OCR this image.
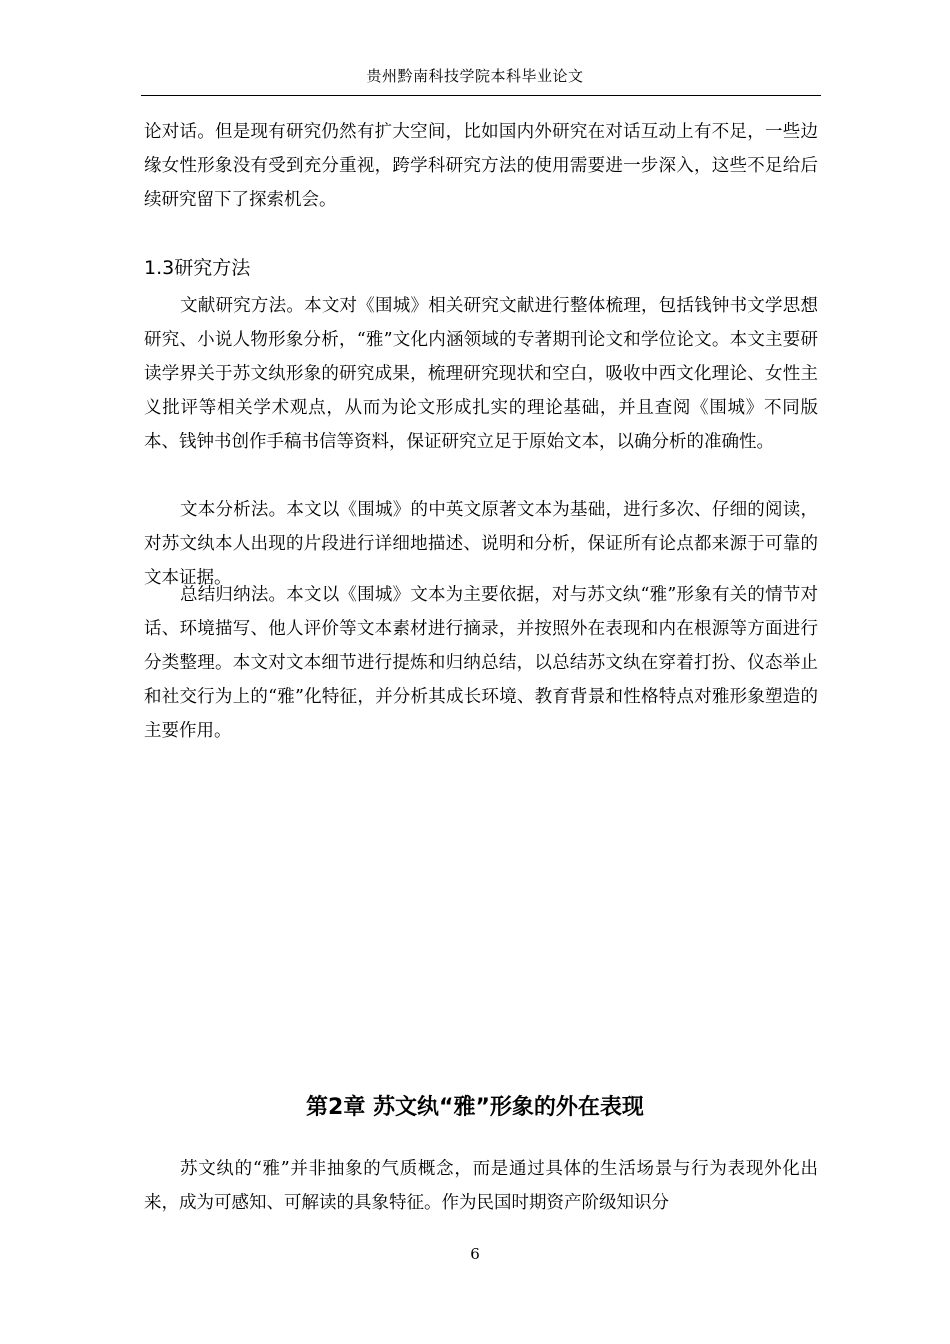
贵州黔南科技学院本科毕业论文

论对话。但是现有研究仍然有扩大空间，比如国内外研究在对话互动上有不足，一些边缘女性形象没有受到充分重视，跨学科研究方法的使用需要进一步深入，这些不足给后续研究留下了探索机会。

1.3研究方法

文献研究方法。本文对《围城》相关研究文献进行整体梳理，包括钱钟书文学思想研究、小说人物形象分析，“雅”文化内涵领域的专著期刊论文和学位论文。本文主要研读学界关于苏文纨形象的研究成果，梳理研究现状和空白，吸收中西文化理论、女性主义批评等相关学术观点，从而为论文形成扎实的理论基础，并且查阅《围城》不同版本、钱钟书创作手稿书信等资料，保证研究立足于原始文本，以确分析的准确性。

文本分析法。本文以《围城》的中英文原著文本为基础，进行多次、仔细的阅读，对苏文纨本人出现的片段进行详细地描述、说明和分析，保证所有论点都来源于可靠的文本证据。

总结归纳法。本文以《围城》文本为主要依据，对与苏文纨“雅”形象有关的情节对话、环境描写、他人评价等文本素材进行摘录，并按照外在表现和内在根源等方面进行分类整理。本文对文本细节进行提炼和归纳总结，以总结苏文纨在穿着打扮、仪态举止和社交行为上的“雅”化特征，并分析其成长环境、教育背景和性格特点对雅形象塑造的主要作用。

第2章 苏文纨“雅”形象的外在表现

苏文纨的“雅”并非抽象的气质概念，而是通过具体的生活场景与行为表现外化出来，成为可感知、可解读的具象特征。作为民国时期资产阶级知识分

6
